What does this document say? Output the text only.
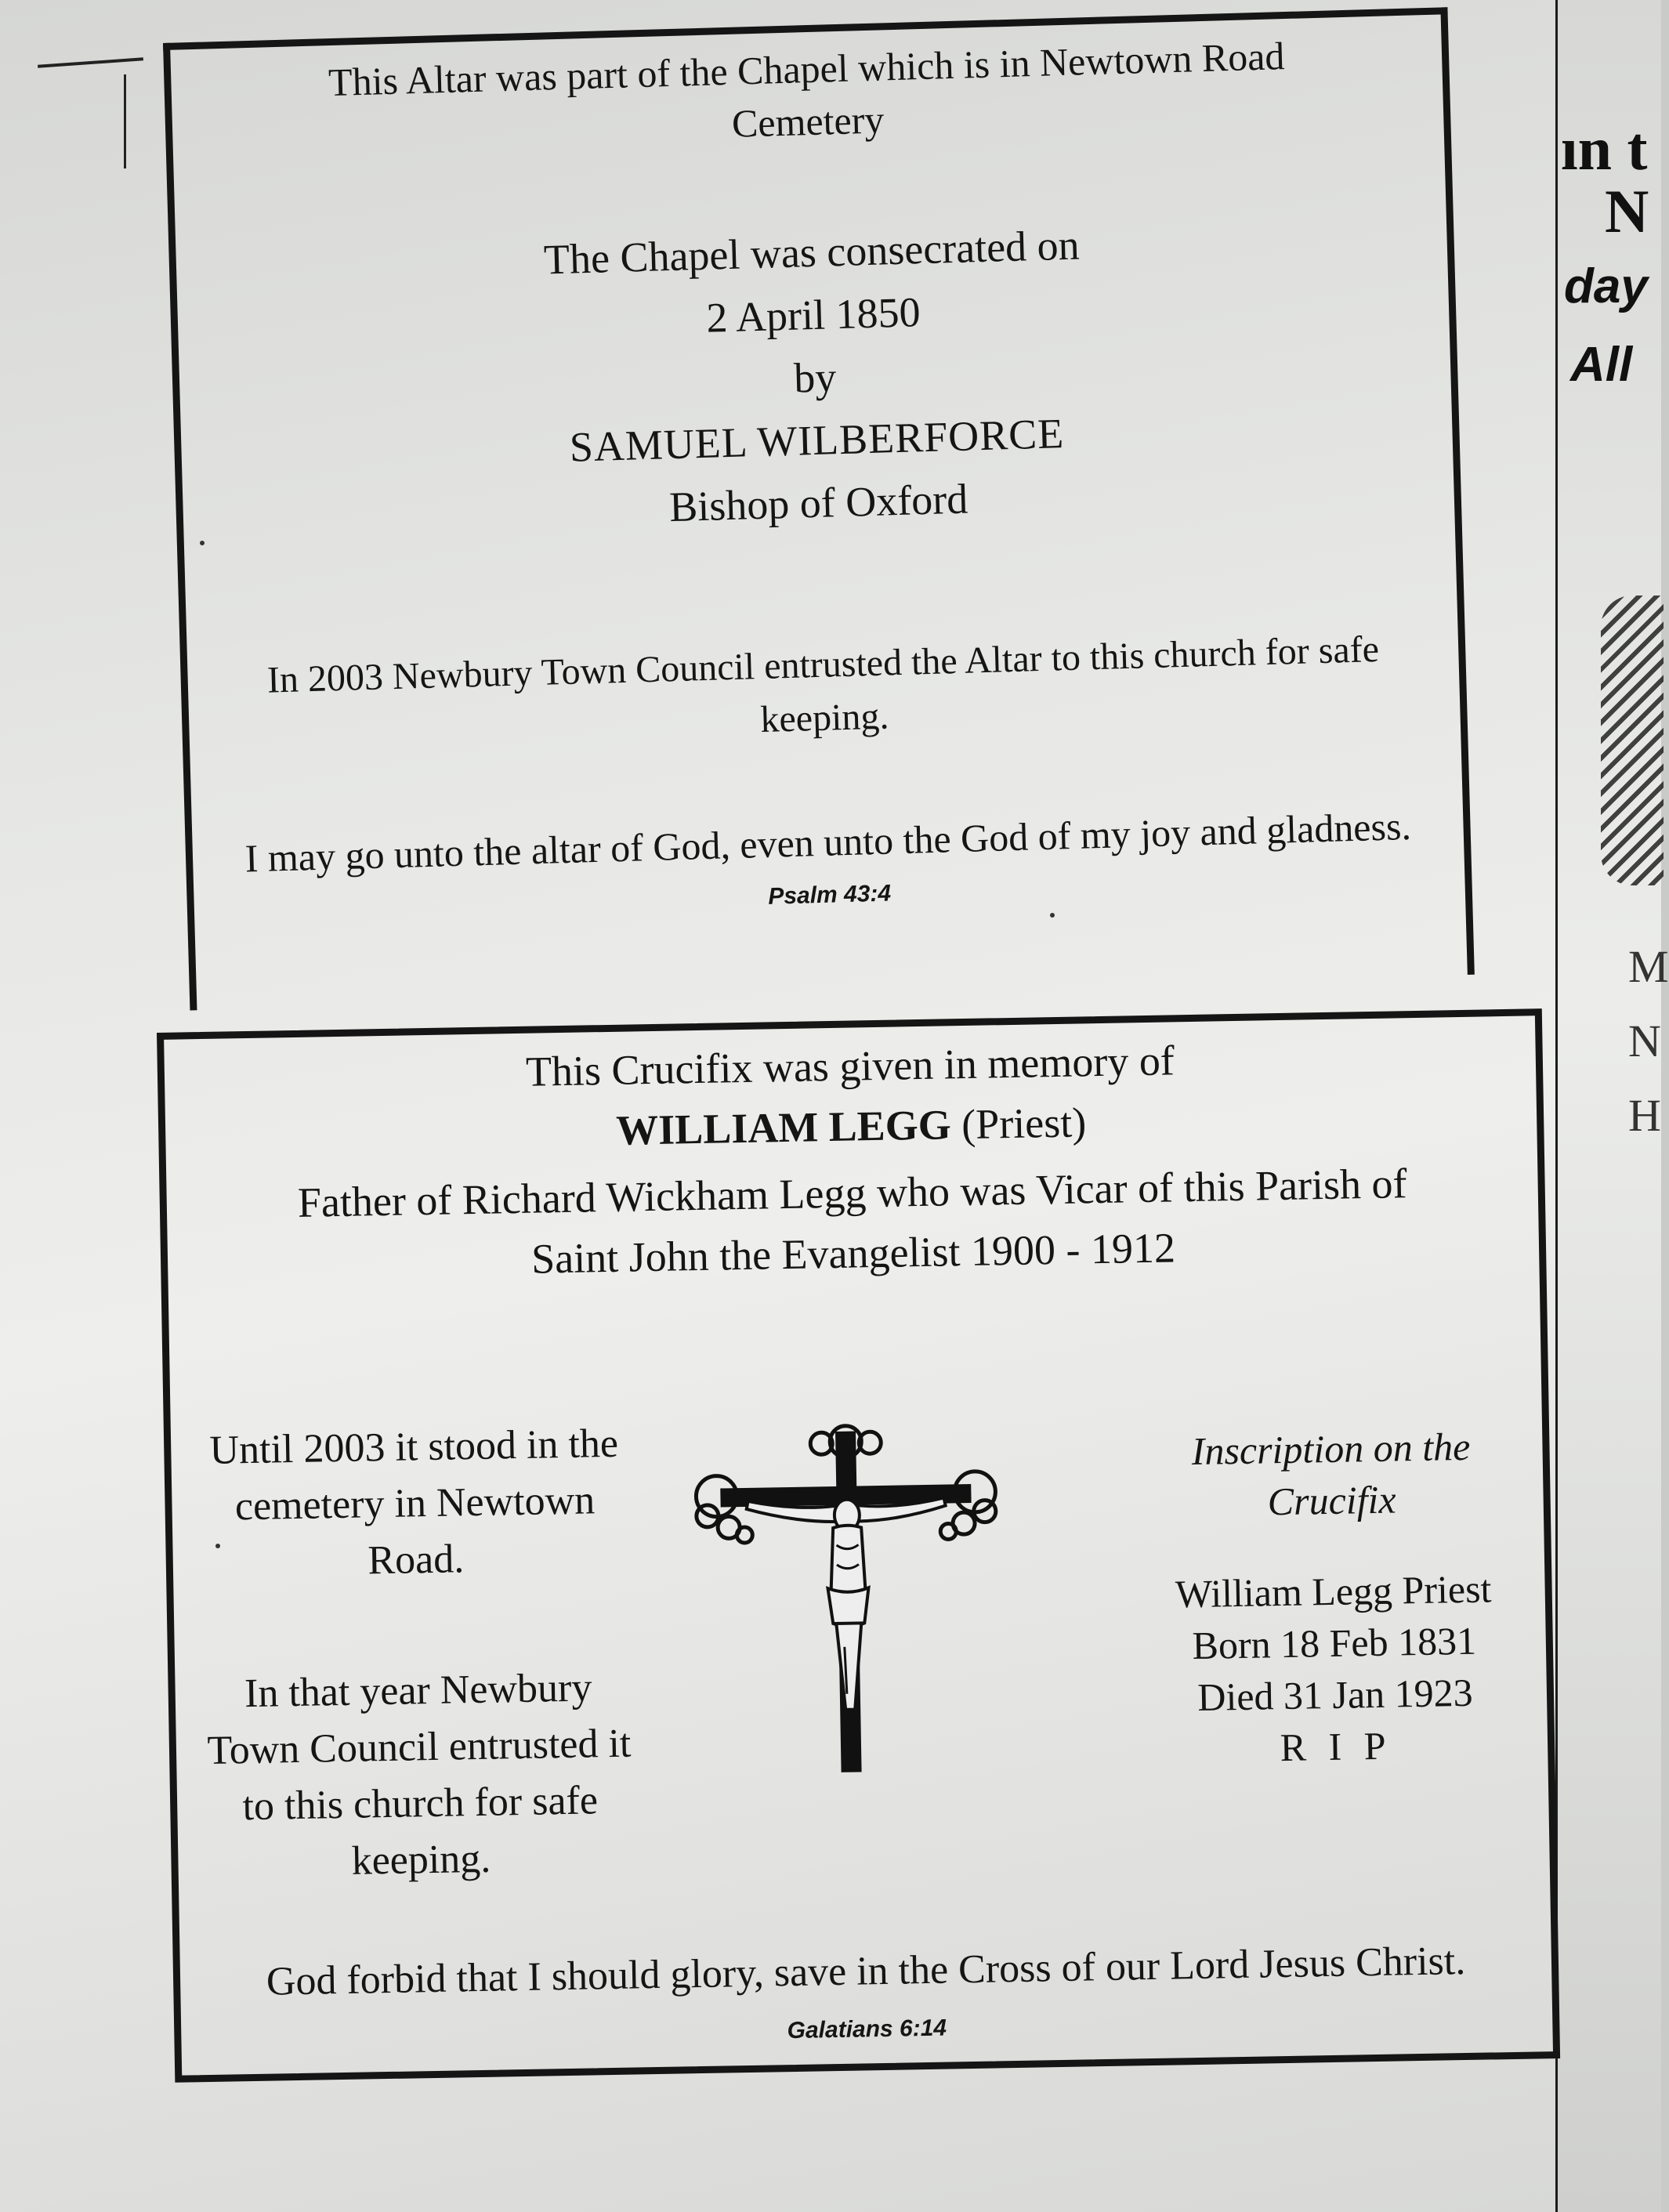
ın t
N
day
All
M
N
H
This Altar was part of the Chapel which is in Newtown Road
Cemetery
The Chapel was consecrated on
2 April 1850
by
SAMUEL WILBERFORCE
Bishop of Oxford
In 2003 Newbury Town Council entrusted the Altar to this church for safe
keeping.
I may go unto the altar of God, even unto the God of my joy and gladness.
Psalm 43:4
This Crucifix was given in memory of
WILLIAM LEGG (Priest)
Father of Richard Wickham Legg who was Vicar of this Parish of
Saint John the Evangelist 1900 - 1912
Until 2003 it stood in the
cemetery in Newtown
Road.
In that year Newbury
Town Council entrusted it
to this church for safe
keeping.
Inscription on the
Crucifix
William Legg Priest
Born 18 Feb 1831
Died 31 Jan 1923
R I P
God forbid that I should glory, save in the Cross of our Lord Jesus Christ.
Galatians 6:14
